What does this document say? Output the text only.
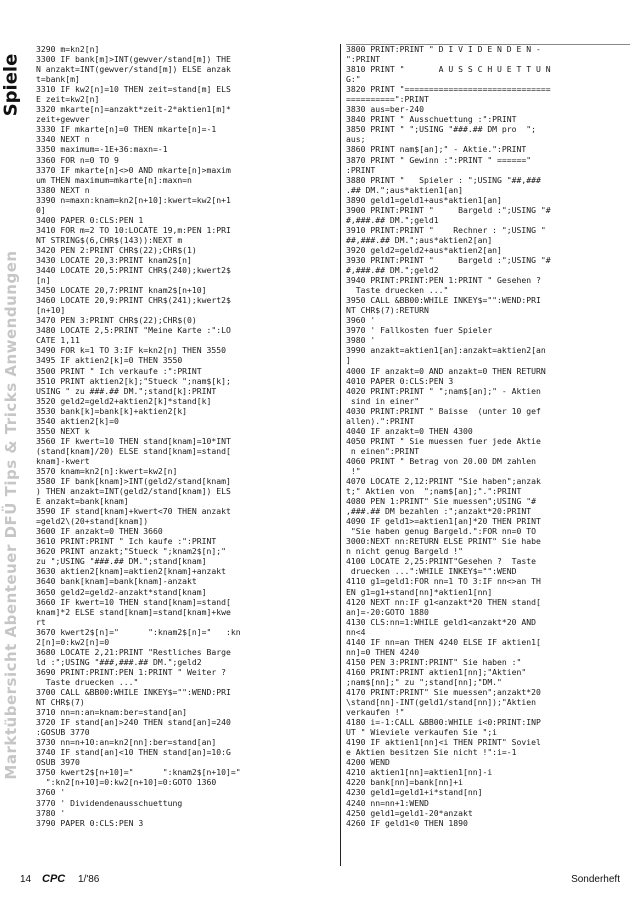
Spiele
Marktübersicht Abenteuer DFÜ Tips & Tricks Anwendungen
3290 m=kn2[n]
3300 IF bank[m]>INT(gewver/stand[m]) THE
N anzakt=INT(gewver/stand[m]) ELSE anzak
t=bank[m]
3310 IF kw2[n]=10 THEN zeit=stand[m] ELS
E zeit=kw2[n]
3320 mkarte[n]=anzakt*zeit-2*aktien1[m]*
zeit+gewver
3330 IF mkarte[n]=0 THEN mkarte[n]=-1
3340 NEXT n
3350 maximum=-1E+36:maxn=-1
3360 FOR n=0 TO 9
3370 IF mkarte[n]<>0 AND mkarte[n]>maxim
um THEN maximum=mkarte[n]:maxn=n
3380 NEXT n
3390 n=maxn:knam=kn2[n+10]:kwert=kw2[n+1
0]
3400 PAPER 0:CLS:PEN 1
3410 FOR m=2 TO 10:LOCATE 19,m:PEN 1:PRI
NT STRING$(6,CHR$(143)):NEXT m
3420 PEN 2:PRINT CHR$(22);CHR$(1)
3430 LOCATE 20,3:PRINT knam2$[n]
3440 LOCATE 20,5:PRINT CHR$(240);kwert2$
[n]
3450 LOCATE 20,7:PRINT knam2$[n+10]
3460 LOCATE 20,9:PRINT CHR$(241);kwert2$
[n+10]
3470 PEN 3:PRINT CHR$(22);CHR$(0)
3480 LOCATE 2,5:PRINT "Meine Karte :":LO
CATE 1,11
3490 FOR k=1 TO 3:IF k=kn2[n] THEN 3550
3495 IF aktien2[k]=0 THEN 3550
3500 PRINT " Ich verkaufe :":PRINT
3510 PRINT aktien2[k];"Stueck ";nam$[k];
USING " zu ###.## DM.";stand[k]:PRINT
3520 geld2=geld2+aktien2[k]*stand[k]
3530 bank[k]=bank[k]+aktien2[k]
3540 aktien2[k]=0
3550 NEXT k
3560 IF kwert=10 THEN stand[knam]=10*INT
(stand[knam]/20) ELSE stand[knam]=stand[
knam]-kwert
3570 knam=kn2[n]:kwert=kw2[n]
3580 IF bank[knam]>INT(geld2/stand[knam]
) THEN anzakt=INT(geld2/stand[knam]) ELS
E anzakt=bank[knam]
3590 IF stand[knam]+kwert<70 THEN anzakt
=geld2\(20+stand[knam])
3600 IF anzakt=0 THEN 3660
3610 PRINT:PRINT " Ich kaufe :":PRINT
3620 PRINT anzakt;"Stueck ";knam2$[n];"
zu ";USING "###.## DM.";stand[knam]
3630 aktien2[knam]=aktien2[knam]+anzakt
3640 bank[knam]=bank[knam]-anzakt
3650 geld2=geld2-anzakt*stand[knam]
3660 IF kwert=10 THEN stand[knam]=stand[
knam]*2 ELSE stand[knam]=stand[knam]+kwe
rt
3670 kwert2$[n]="      ":knam2$[n]="   :kn
2[n]=0:kw2[n]=0
3680 LOCATE 2,21:PRINT "Restliches Barge
ld :";USING "###,###.## DM.";geld2
3690 PRINT:PRINT:PEN 1:PRINT " Weiter ?
Taste druecken ..."
3700 CALL &BB00:WHILE INKEY$="":WEND:PRI
NT CHR$(7)
3710 nn=n:an=knam:ber=stand[an]
3720 IF stand[an]>240 THEN stand[an]=240
:GOSUB 3770
3730 nn=n+10:an=kn2[nn]:ber=stand[an]
3740 IF stand[an]<10 THEN stand[an]=10:G
OSUB 3970
3750 kwert2$[n+10]="      ":knam2$[n+10]="
":kn2[n+10]=0:kw2[n+10]=0:GOTO 1360
3760 '
3770 ' Dividendenausschuettung
3780 '
3790 PAPER 0:CLS:PEN 3
3800 PRINT:PRINT " D I V I D E N D E N -
":PRINT
3810 PRINT "       A U S S C H U E T T U N
G:"
3820 PRINT "==============================
==========":PRINT
3830 aus=ber-240
3840 PRINT " Ausschuettung :":PRINT
3850 PRINT " ";USING "###.## DM pro  ";
aus;
3860 PRINT nam$[an];" - Aktie.":PRINT
3870 PRINT " Gewinn :":PRINT " ======"
:PRINT
3880 PRINT "   Spieler : ";USING "##,###
.## DM.";aus*aktien1[an]
3890 geld1=geld1+aus*aktien1[an]
3900 PRINT:PRINT "     Bargeld :";USING "#
#,###.## DM.";geld1
3910 PRINT:PRINT "    Rechner : ";USING "
##,###.## DM.";aus*aktien2[an]
3920 geld2=geld2+aus*aktien2[an]
3930 PRINT:PRINT "     Bargeld :";USING "#
#,###.## DM.";geld2
3940 PRINT:PRINT:PEN 1:PRINT " Gesehen ?
Taste druecken ..."
3950 CALL &BB00:WHILE INKEY$="":WEND:PRI
NT CHR$(7):RETURN
3960 '
3970 ' Fallkosten fuer Spieler
3980 '
3990 anzakt=aktien1[an]:anzakt=aktien2[an
]
4000 IF anzakt=0 AND anzakt=0 THEN RETURN
4010 PAPER 0:CLS:PEN 3
4020 PRINT:PRINT " ";nam$[an];" - Aktien
sind in einer"
4030 PRINT:PRINT " Baisse  (unter 10 gef
allen).":PRINT
4040 IF anzakt=0 THEN 4300
4050 PRINT " Sie muessen fuer jede Aktie
n einen":PRINT
4060 PRINT " Betrag von 20.00 DM zahlen
!"
4070 LOCATE 2,12:PRINT "Sie haben";anzak
t;" Aktien von  ";nam$[an];".":PRINT
4080 PEN 1:PRINT" Sie muessen";USING "#
,###.## DM bezahlen :";anzakt*20:PRINT
4090 IF geld1>=aktien1[an]*20 THEN PRINT
"Sie haben genug Bargeld.":FOR nn=0 TO
3000:NEXT nn:RETURN ELSE PRINT" Sie habe
n nicht genug Bargeld !"
4100 LOCATE 2,25:PRINT"Gesehen ?  Taste
druecken ...":WHILE INKEY$="":WEND
4110 g1=geld1:FOR nn=1 TO 3:IF nn<>an TH
EN g1=g1+stand[nn]*aktien1[nn]
4120 NEXT nn:IF g1<anzakt*20 THEN stand[
an]=-20:GOTO 1880
4130 CLS:nn=1:WHILE geld1<anzakt*20 AND
nn<4
4140 IF nn=an THEN 4240 ELSE IF aktien1[
nn]=0 THEN 4240
4150 PEN 3:PRINT:PRINT" Sie haben :"
4160 PRINT:PRINT aktien1[nn];"Aktien"
;nam$[nn];" zu ";stand[nn];"DM."
4170 PRINT:PRINT" Sie muessen";anzakt*20
\stand[nn]-INT(geld1/stand[nn]);"Aktien
verkaufen !"
4180 i=-1:CALL &BB00:WHILE i<0:PRINT:INP
UT " Wieviele verkaufen Sie ";i
4190 IF aktien1[nn]<i THEN PRINT" Soviel
e Aktien besitzen Sie nicht !":i=-1
4200 WEND
4210 aktien1[nn]=aktien1[nn]-i
4220 bank[nn]=bank[nn]+i
4230 geld1=geld1+i*stand[nn]
4240 nn=nn+1:WEND
4250 geld1=geld1-20*anzakt
4260 IF geld1<0 THEN 1890
14 CPC 1/'86	Sonderheft
